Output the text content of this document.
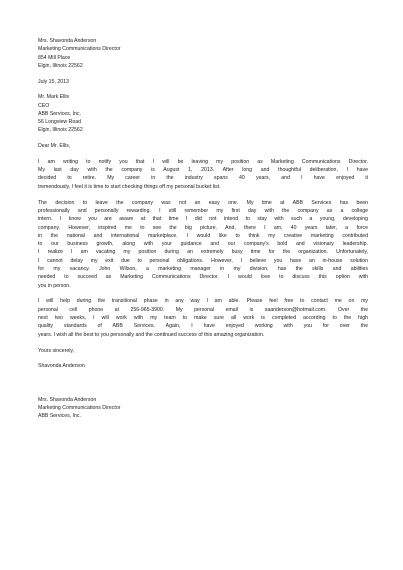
Mrs. Shavonda Anderson
Marketing Communications Director
854 Mill Place
Elgin, Illinois 22562
July 15, 2013
Mr. Mark Ellis
CEO
ABB Services, Inc.
56 Longview Road
Elgin, Illinois 22562
Dear Mr. Ellis,
I am writing to notify you that I will be leaving my position as Marketing Communications Director.
My last day with the company is August 1, 2013. After long and thoughtful deliberation, I have
decided to retire. My career in the industry spans 40 years, and I have enjoyed it
tremendously, I feel it is time to start checking things off my personal bucket list.
The decision to leave the company was not an easy one. My time at ABB Services has been
professionally and personally rewarding. I still remember my first day with the company as a college
intern. I know you are aware at that time I did not intend to stay with such a young, developing
company. However, inspired me to see the big picture. And, there I am, 40 years later, a force
in the national and international marketplace. I would like to think my creative marketing contributed
to our business growth, along with your guidance and our company's bold and visionary leadership.
I realize I am vacating my position during an extremely busy time for the organization. Unfortunately,
I cannot delay my exit due to personal obligations. However, I believe you have an in-house solution
for my vacancy. John Wilson, a marketing manager in my division, has the skills and abilities
needed to succeed as Marketing Communications Director. I would love to discuss this option with
you in person.
I will help during the transitional phase in any way I am able. Please feel free to contact me on my
personal cell phone at 256-965-3900. My personal email is saanderson@hotmail.com. Over the
next two weeks, I will work with my team to make sure all work is completed according to the high
quality standards of ABB Services. Again, I have enjoyed working with you for over the
years. I wish all the best to you personally and the continued success of this amazing organization.
Yours sincerely,
Shavonda Anderson
Mrs. Shavonda Anderson
Marketing Communications Director
ABB Services, Inc.
